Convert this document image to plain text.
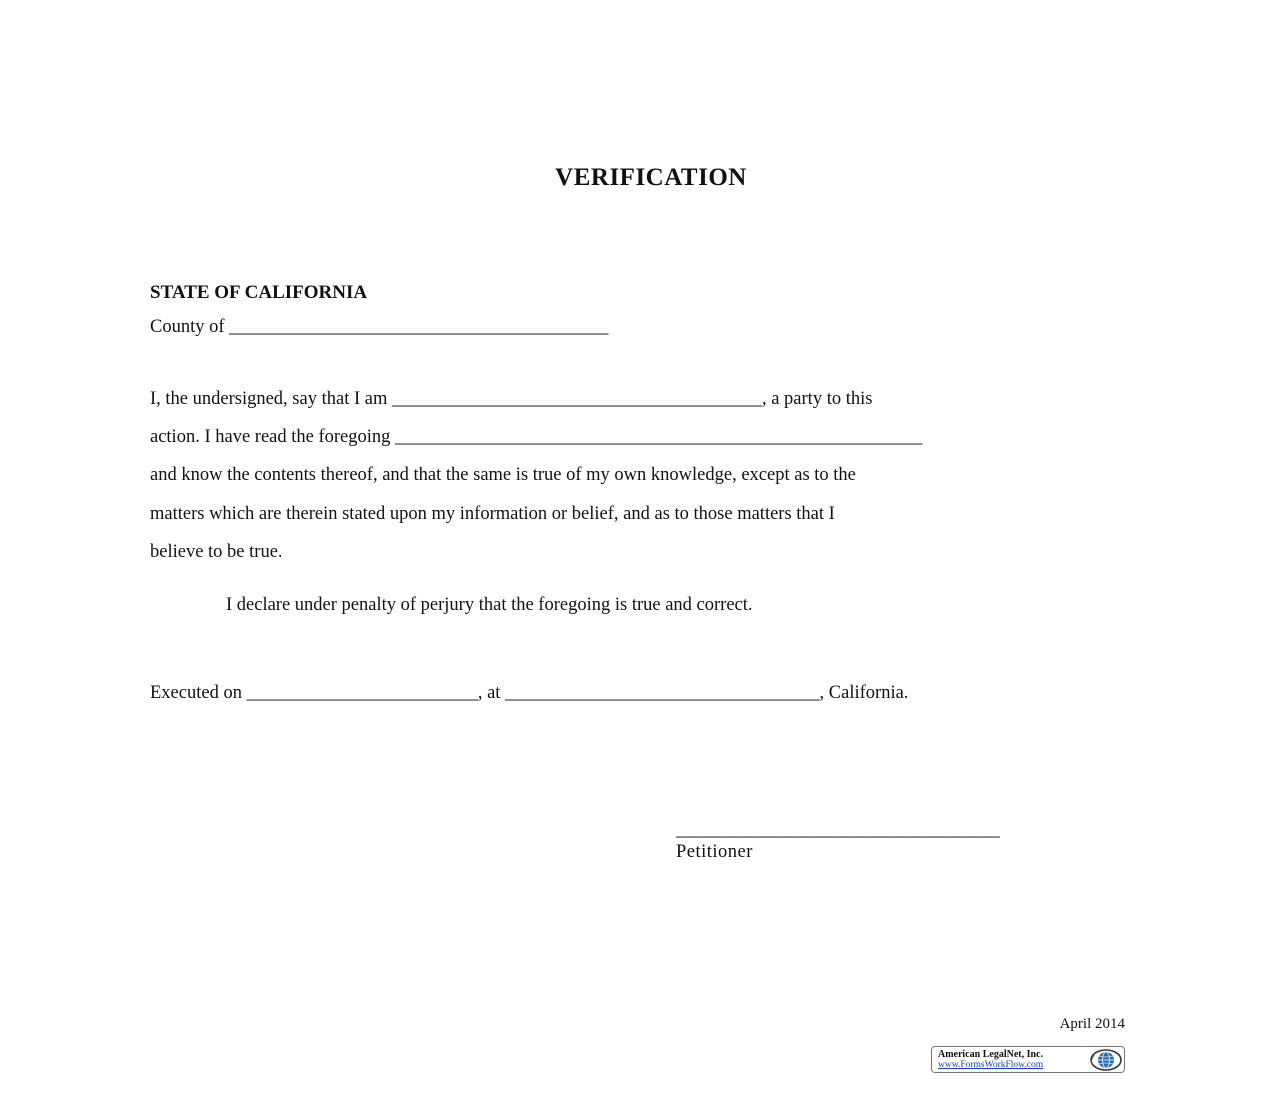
VERIFICATION
STATE OF CALIFORNIA
County of _________________________________________
I, the undersigned, say that I am ________________________________________, a party to this
action. I have read the foregoing _________________________________________________________
and know the contents thereof, and that the same is true of my own knowledge, except as to the
matters which are therein stated upon my information or belief, and as to those matters that I
believe to be true.
I declare under penalty of perjury that the foregoing is true and correct.
Executed on _________________________, at __________________________________, California.
___________________________________
Petitioner
April 2014
American LegalNet, Inc.
www.FormsWorkFlow.com
